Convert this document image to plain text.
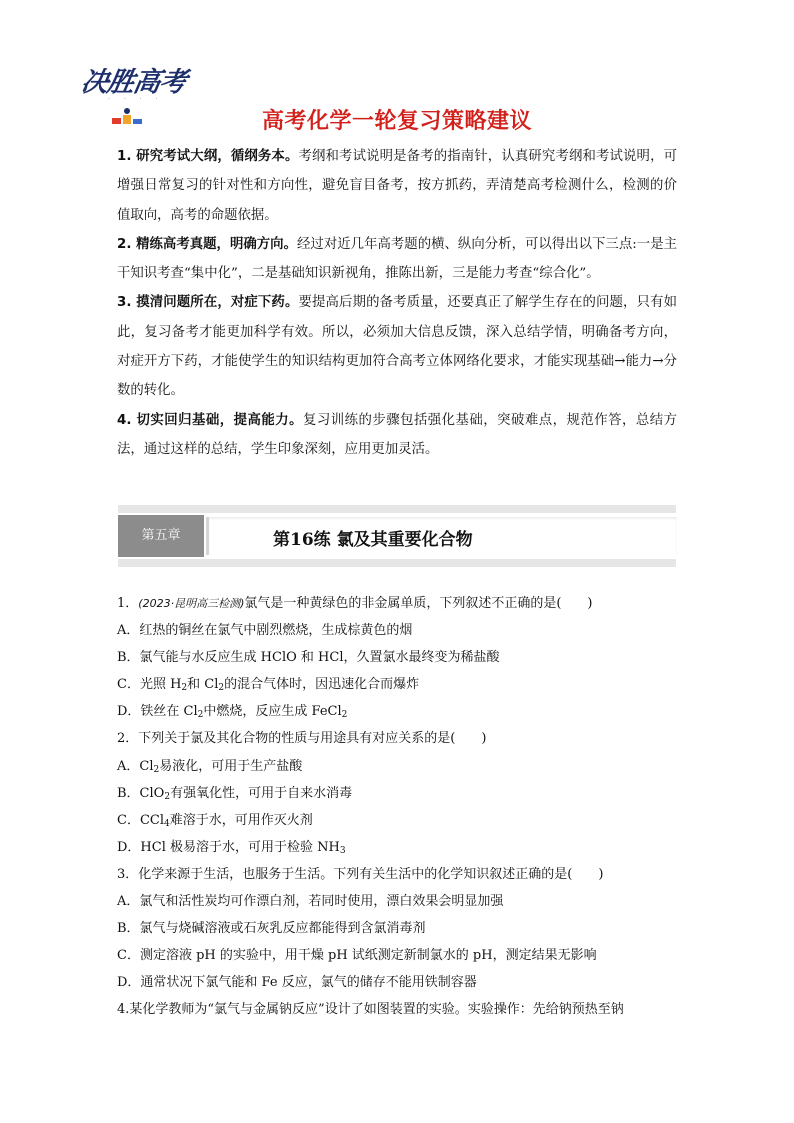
决胜高考
· · · ·
高考化学一轮复习策略建议

1. 研究考试大纲，循纲务本。考纲和考试说明是备考的指南针，认真研究考纲和考试说明，可增强日常复习的针对性和方向性，避免盲目备考，按方抓药，弄清楚高考检测什么，检测的价值取向，高考的命题依据。

2. 精练高考真题，明确方向。经过对近几年高考题的横、纵向分析，可以得出以下三点:一是主干知识考查“集中化”，二是基础知识新视角，推陈出新，三是能力考查“综合化”。

3. 摸清问题所在，对症下药。要提高后期的备考质量，还要真正了解学生存在的问题，只有如此，复习备考才能更加科学有效。所以，必须加大信息反馈，深入总结学情，明确备考方向，对症开方下药，才能使学生的知识结构更加符合高考立体网络化要求，才能实现基础→能力→分数的转化。

4. 切实回归基础，提高能力。复习训练的步骤包括强化基础，突破难点，规范作答，总结方法，通过这样的总结，学生印象深刻，应用更加灵活。

第五章	第16练 氯及其重要化合物

1．(2023·昆明高三检测)氯气是一种黄绿色的非金属单质，下列叙述不正确的是(　　)

A．红热的铜丝在氯气中剧烈燃烧，生成棕黄色的烟

B．氯气能与水反应生成 HClO 和 HCl，久置氯水最终变为稀盐酸

C．光照 $H_2$和 $Cl_2$的混合气体时，因迅速化合而爆炸

D．铁丝在 $Cl_2$中燃烧，反应生成 FeCl$_2$

2．下列关于氯及其化合物的性质与用途具有对应关系的是(　　)

A．$Cl_2$易液化，可用于生产盐酸

B．ClO$_2$有强氧化性，可用于自来水消毒

C．CCl$_4$难溶于水，可用作灭火剂

D．HCl 极易溶于水，可用于检验 $NH_3$

3．化学来源于生活，也服务于生活。下列有关生活中的化学知识叙述正确的是(　　)

A．氯气和活性炭均可作漂白剂，若同时使用，漂白效果会明显加强

B．氯气与烧碱溶液或石灰乳反应都能得到含氯消毒剂

C．测定溶液 pH 的实验中，用干燥 pH 试纸测定新制氯水的 pH，测定结果无影响

D．通常状况下氯气能和 Fe 反应，氯气的储存不能用铁制容器

4.某化学教师为“氯气与金属钠反应”设计了如图装置的实验。实验操作：先给钠预热至钠
